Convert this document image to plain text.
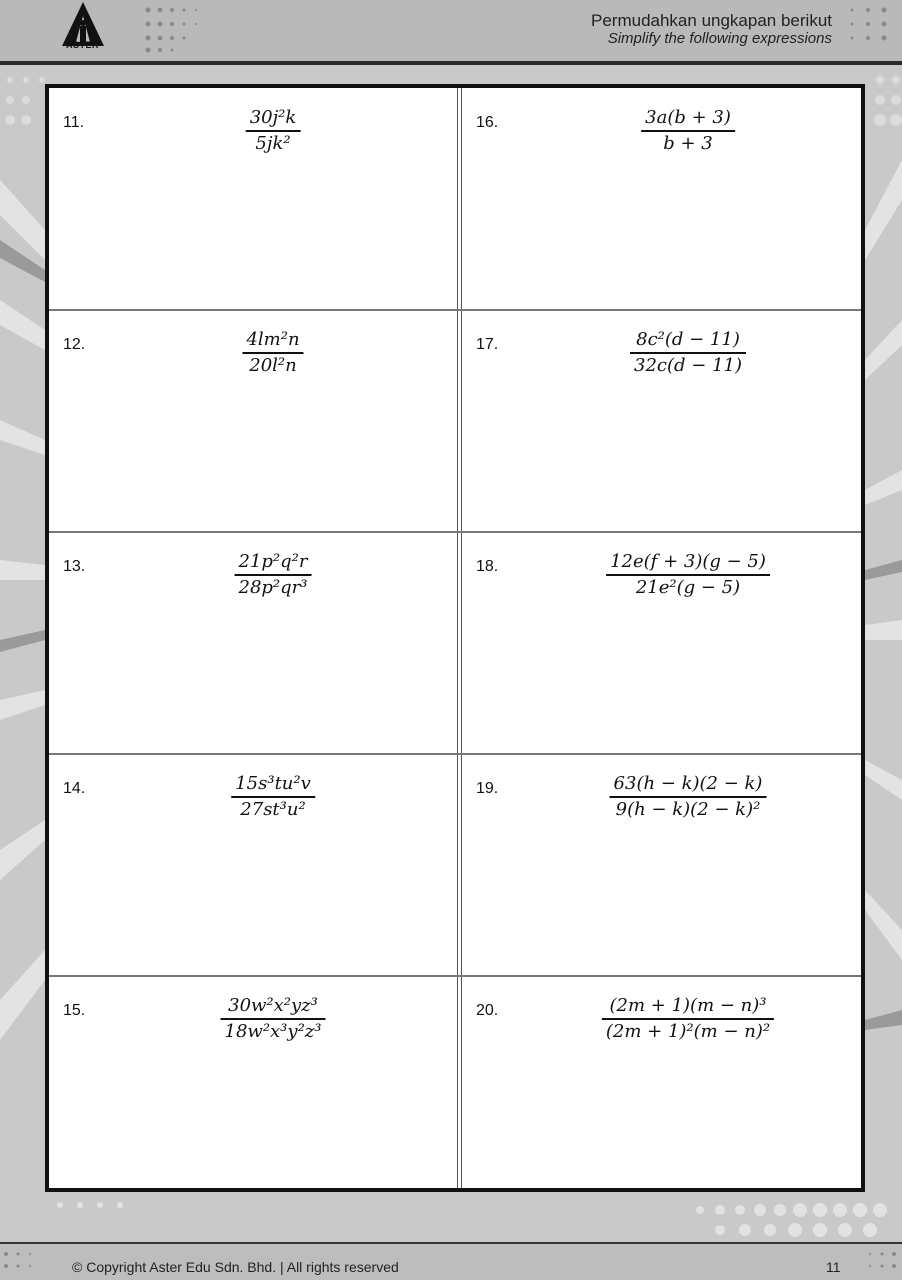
ASTER
Permudahkan ungkapan berikut
Simplify the following expressions
11.	30j²k
5jk²
12.	4lm²n
20l²n
13.	21p²q²r
28p²qr³
14.	15s³tu²v
27st³u²
15.	30w²x²yz³
18w²x³y²z³
16.	3a(b + 3)
b + 3
17.	8c²(d − 11)
32c(d − 11)
18.	12e(f + 3)(g − 5)
21e²(g − 5)
19.	63(h − k)(2 − k)
9(h − k)(2 − k)²
20.	(2m + 1)(m − n)³
(2m + 1)²(m − n)²
© Copyright Aster Edu Sdn. Bhd. | All rights reserved	11
